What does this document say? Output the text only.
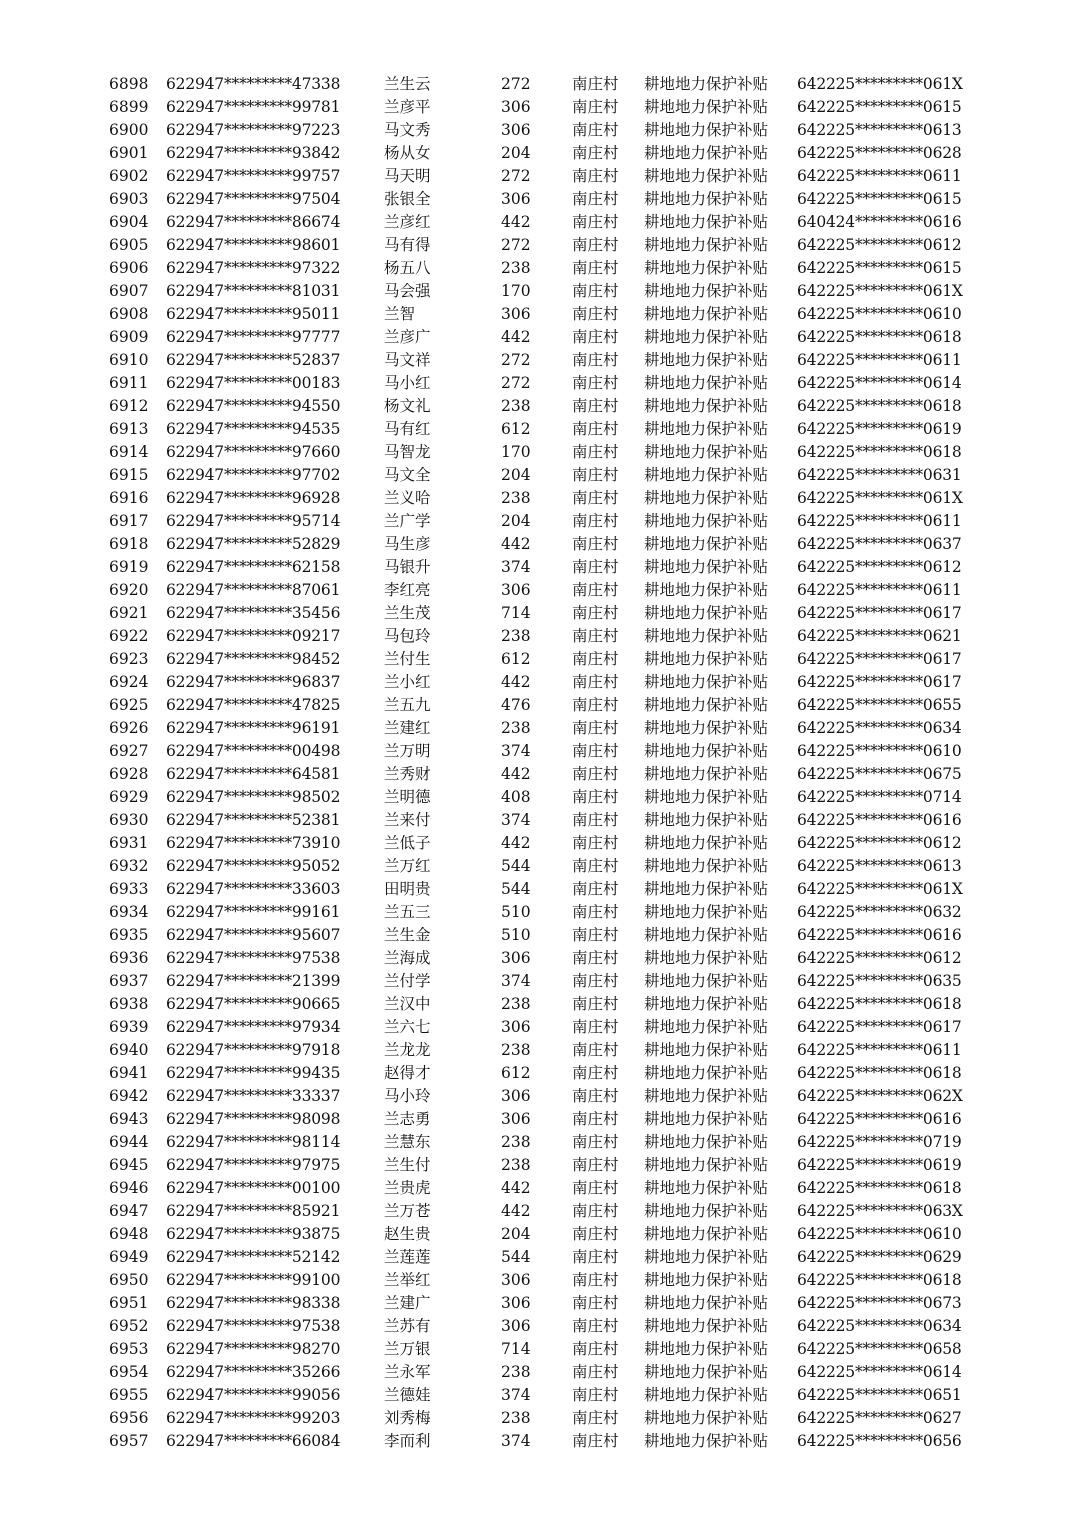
6898 622947*********47338	兰生云	272	南庄村 耕地地力保护补贴 642225*********061X
6899 622947*********99781	兰彦平	306	南庄村 耕地地力保护补贴 642225*********0615
6900 622947*********97223	马文秀	306	南庄村 耕地地力保护补贴 642225*********0613
6901 622947*********93842	杨从女	204	南庄村 耕地地力保护补贴 642225*********0628
6902 622947*********99757	马天明	272	南庄村 耕地地力保护补贴 642225*********0611
6903 622947*********97504	张银全	306	南庄村 耕地地力保护补贴 642225*********0615
6904 622947*********86674	兰彦红	442	南庄村 耕地地力保护补贴 640424*********0616
6905 622947*********98601	马有得	272	南庄村 耕地地力保护补贴 642225*********0612
6906 622947*********97322	杨五八	238	南庄村 耕地地力保护补贴 642225*********0615
6907 622947*********81031	马会强	170	南庄村 耕地地力保护补贴 642225*********061X
6908 622947*********95011	兰智	306	南庄村 耕地地力保护补贴 642225*********0610
6909 622947*********97777	兰彦广	442	南庄村 耕地地力保护补贴 642225*********0618
6910 622947*********52837	马文祥	272	南庄村 耕地地力保护补贴 642225*********0611
6911 622947*********00183	马小红	272	南庄村 耕地地力保护补贴 642225*********0614
6912 622947*********94550	杨文礼	238	南庄村 耕地地力保护补贴 642225*********0618
6913 622947*********94535	马有红	612	南庄村 耕地地力保护补贴 642225*********0619
6914 622947*********97660	马智龙	170	南庄村 耕地地力保护补贴 642225*********0618
6915 622947*********97702	马文全	204	南庄村 耕地地力保护补贴 642225*********0631
6916 622947*********96928	兰义哈	238	南庄村 耕地地力保护补贴 642225*********061X
6917 622947*********95714	兰广学	204	南庄村 耕地地力保护补贴 642225*********0611
6918 622947*********52829	马生彦	442	南庄村 耕地地力保护补贴 642225*********0637
6919 622947*********62158	马银升	374	南庄村 耕地地力保护补贴 642225*********0612
6920 622947*********87061	李红亮	306	南庄村 耕地地力保护补贴 642225*********0611
6921 622947*********35456	兰生茂	714	南庄村 耕地地力保护补贴 642225*********0617
6922 622947*********09217	马包玲	238	南庄村 耕地地力保护补贴 642225*********0621
6923 622947*********98452	兰付生	612	南庄村 耕地地力保护补贴 642225*********0617
6924 622947*********96837	兰小红	442	南庄村 耕地地力保护补贴 642225*********0617
6925 622947*********47825	兰五九	476	南庄村 耕地地力保护补贴 642225*********0655
6926 622947*********96191	兰建红	238	南庄村 耕地地力保护补贴 642225*********0634
6927 622947*********00498	兰万明	374	南庄村 耕地地力保护补贴 642225*********0610
6928 622947*********64581	兰秀财	442	南庄村 耕地地力保护补贴 642225*********0675
6929 622947*********98502	兰明德	408	南庄村 耕地地力保护补贴 642225*********0714
6930 622947*********52381	兰来付	374	南庄村 耕地地力保护补贴 642225*********0616
6931 622947*********73910	兰低子	442	南庄村 耕地地力保护补贴 642225*********0612
6932 622947*********95052	兰万红	544	南庄村 耕地地力保护补贴 642225*********0613
6933 622947*********33603	田明贵	544	南庄村 耕地地力保护补贴 642225*********061X
6934 622947*********99161	兰五三	510	南庄村 耕地地力保护补贴 642225*********0632
6935 622947*********95607	兰生金	510	南庄村 耕地地力保护补贴 642225*********0616
6936 622947*********97538	兰海成	306	南庄村 耕地地力保护补贴 642225*********0612
6937 622947*********21399	兰付学	374	南庄村 耕地地力保护补贴 642225*********0635
6938 622947*********90665	兰汉中	238	南庄村 耕地地力保护补贴 642225*********0618
6939 622947*********97934	兰六七	306	南庄村 耕地地力保护补贴 642225*********0617
6940 622947*********97918	兰龙龙	238	南庄村 耕地地力保护补贴 642225*********0611
6941 622947*********99435	赵得才	612	南庄村 耕地地力保护补贴 642225*********0618
6942 622947*********33337	马小玲	306	南庄村 耕地地力保护补贴 642225*********062X
6943 622947*********98098	兰志勇	306	南庄村 耕地地力保护补贴 642225*********0616
6944 622947*********98114	兰慧东	238	南庄村 耕地地力保护补贴 642225*********0719
6945 622947*********97975	兰生付	238	南庄村 耕地地力保护补贴 642225*********0619
6946 622947*********00100	兰贵虎	442	南庄村 耕地地力保护补贴 642225*********0618
6947 622947*********85921	兰万苍	442	南庄村 耕地地力保护补贴 642225*********063X
6948 622947*********93875	赵生贵	204	南庄村 耕地地力保护补贴 642225*********0610
6949 622947*********52142	兰莲莲	544	南庄村 耕地地力保护补贴 642225*********0629
6950 622947*********99100	兰举红	306	南庄村 耕地地力保护补贴 642225*********0618
6951 622947*********98338	兰建广	306	南庄村 耕地地力保护补贴 642225*********0673
6952 622947*********97538	兰苏有	306	南庄村 耕地地力保护补贴 642225*********0634
6953 622947*********98270	兰万银	714	南庄村 耕地地力保护补贴 642225*********0658
6954 622947*********35266	兰永军	238	南庄村 耕地地力保护补贴 642225*********0614
6955 622947*********99056	兰德娃	374	南庄村 耕地地力保护补贴 642225*********0651
6956 622947*********99203	刘秀梅	238	南庄村 耕地地力保护补贴 642225*********0627
6957 622947*********66084	李而利	374	南庄村 耕地地力保护补贴 642225*********0656
